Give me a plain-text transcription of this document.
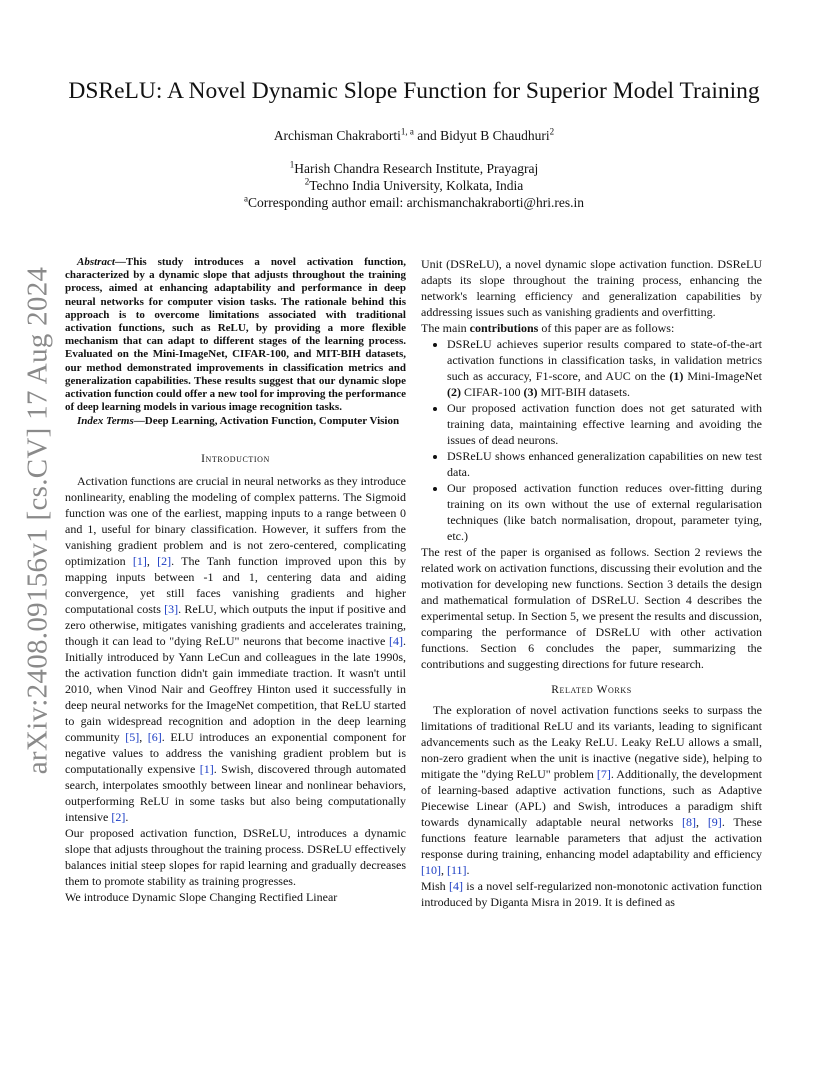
arXiv:2408.09156v1 [cs.CV] 17 Aug 2024
DSReLU: A Novel Dynamic Slope Function for Superior Model Training
Archisman Chakraborti$^{1, a}$ and Bidyut B Chaudhuri$^2$
$^1$Harish Chandra Research Institute, Prayagraj
$^2$Techno India University, Kolkata, India
$^a$Corresponding author email: archismanchakraborti@hri.res.in

Abstract—This study introduces a novel activation function, characterized by a dynamic slope that adjusts throughout the training process, aimed at enhancing adaptability and performance in deep neural networks for computer vision tasks. The rationale behind this approach is to overcome limitations associated with traditional activation functions, such as ReLU, by providing a more flexible mechanism that can adapt to different stages of the learning process. Evaluated on the Mini-ImageNet, CIFAR-100, and MIT-BIH datasets, our method demonstrated improvements in classification metrics and generalization capabilities. These results suggest that our dynamic slope activation function could offer a new tool for improving the performance of deep learning models in various image recognition tasks.

Index Terms—Deep Learning, Activation Function, Computer Vision

Introduction

Activation functions are crucial in neural networks as they introduce nonlinearity, enabling the modeling of complex patterns. The Sigmoid function was one of the earliest, mapping inputs to a range between 0 and 1, useful for binary classification. However, it suffers from the vanishing gradient problem and is not zero-centered, complicating optimization [1], [2]. The Tanh function improved upon this by mapping inputs between -1 and 1, centering data and aiding convergence, yet still faces vanishing gradients and higher computational costs [3]. ReLU, which outputs the input if positive and zero otherwise, mitigates vanishing gradients and accelerates training, though it can lead to "dying ReLU" neurons that become inactive [4]. Initially introduced by Yann LeCun and colleagues in the late 1990s, the activation function didn't gain immediate traction. It wasn't until 2010, when Vinod Nair and Geoffrey Hinton used it successfully in deep neural networks for the ImageNet competition, that ReLU started to gain widespread recognition and adoption in the deep learning community [5], [6]. ELU introduces an exponential component for negative values to address the vanishing gradient problem but is computationally expensive [1]. Swish, discovered through automated search, interpolates smoothly between linear and nonlinear behaviors, outperforming ReLU in some tasks but also being computationally intensive [2].

Our proposed activation function, DSReLU, introduces a dynamic slope that adjusts throughout the training process. DSReLU effectively balances initial steep slopes for rapid learning and gradually decreases them to promote stability as training progresses.

We introduce Dynamic Slope Changing Rectified Linear

Unit (DSReLU), a novel dynamic slope activation function. DSReLU adapts its slope throughout the training process, enhancing the network's learning efficiency and generalization capabilities by addressing issues such as vanishing gradients and overfitting.

The main contributions of this paper are as follows:

• DSReLU achieves superior results compared to state-of-the-art activation functions in classification tasks, in validation metrics such as accuracy, F1-score, and AUC on the (1) Mini-ImageNet (2) CIFAR-100 (3) MIT-BIH datasets.
• Our proposed activation function does not get saturated with training data, maintaining effective learning and avoiding the issues of dead neurons.
• DSReLU shows enhanced generalization capabilities on new test data.
• Our proposed activation function reduces over-fitting during training on its own without the use of external regularisation techniques (like batch normalisation, dropout, parameter tying, etc.)

The rest of the paper is organised as follows. Section 2 reviews the related work on activation functions, discussing their evolution and the motivation for developing new functions. Section 3 details the design and mathematical formulation of DSReLU. Section 4 describes the experimental setup. In Section 5, we present the results and discussion, comparing the performance of DSReLU with other activation functions. Section 6 concludes the paper, summarizing the contributions and suggesting directions for future research.

Related Works

The exploration of novel activation functions seeks to surpass the limitations of traditional ReLU and its variants, leading to significant advancements such as the Leaky ReLU. Leaky ReLU allows a small, non-zero gradient when the unit is inactive (negative side), helping to mitigate the "dying ReLU" problem [7]. Additionally, the development of learning-based adaptive activation functions, such as Adaptive Piecewise Linear (APL) and Swish, introduces a paradigm shift towards dynamically adaptable neural networks [8], [9]. These functions feature learnable parameters that adjust the activation response during training, enhancing model adaptability and efficiency [10], [11].

Mish [4] is a novel self-regularized non-monotonic activation function introduced by Diganta Misra in 2019. It is defined as
